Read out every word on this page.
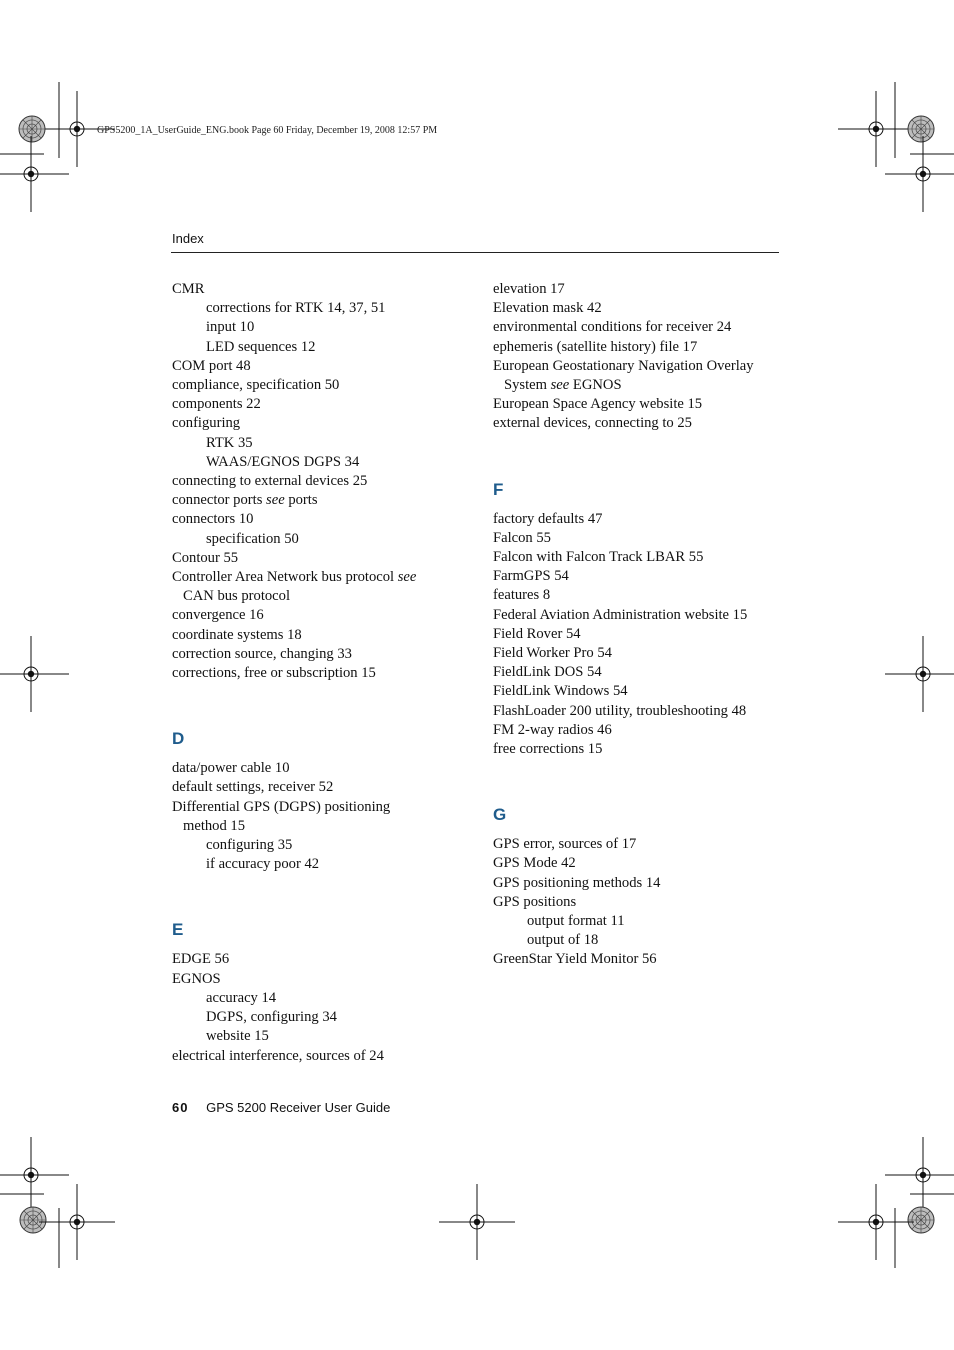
GPS5200_1A_UserGuide_ENG.book Page 60 Friday, December 19, 2008 12:57 PM
Index
CMR
corrections for RTK 14, 37, 51
input 10
LED sequences 12
COM port 48
compliance, specification 50
components 22
configuring
RTK 35
WAAS/EGNOS DGPS 34
connecting to external devices 25
connector ports see ports
connectors 10
specification 50
Contour 55
Controller Area Network bus protocol see
CAN bus protocol
convergence 16
coordinate systems 18
correction source, changing 33
corrections, free or subscription 15
D
data/power cable 10
default settings, receiver 52
Differential GPS (DGPS) positioning
method 15
configuring 35
if accuracy poor 42
E
EDGE 56
EGNOS
accuracy 14
DGPS, configuring 34
website 15
electrical interference, sources of 24
elevation 17
Elevation mask 42
environmental conditions for receiver 24
ephemeris (satellite history) file 17
European Geostationary Navigation Overlay
System see EGNOS
European Space Agency website 15
external devices, connecting to 25
F
factory defaults 47
Falcon 55
Falcon with Falcon Track LBAR 55
FarmGPS 54
features 8
Federal Aviation Administration website 15
Field Rover 54
Field Worker Pro 54
FieldLink DOS 54
FieldLink Windows 54
FlashLoader 200 utility, troubleshooting 48
FM 2-way radios 46
free corrections 15
G
GPS error, sources of 17
GPS Mode 42
GPS positioning methods 14
GPS positions
output format 11
output of 18
GreenStar Yield Monitor 56
60 GPS 5200 Receiver User Guide
